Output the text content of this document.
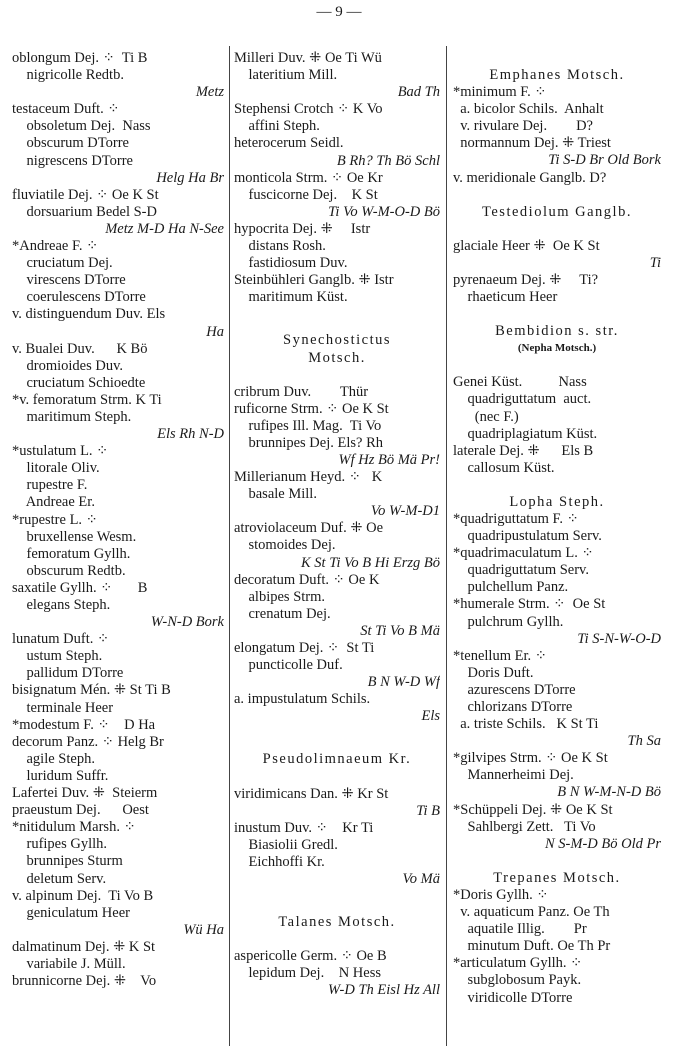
— 9 —
oblongum Dej. ⁘  Ti B
nigricolle Redtb.
Metz
testaceum Duft. ⁘
obsoletum Dej.  Nass
obscurum DTorre
nigrescens DTorre
Helg Ha Br
fluviatile Dej. ⁘ Oe K St
dorsuarium Bedel S-D
Metz M-D Ha N-See
*Andreae F. ⁘
cruciatum Dej.
virescens DTorre
coerulescens DTorre
v. distinguendum Duv. Els
Ha
v. Bualei Duv.      K Bö
dromioides Duv.
cruciatum Schioedte
*v. femoratum Strm. K Ti
maritimum Steph.
Els Rh N-D
*ustulatum L. ⁘
litorale Oliv.
rupestre F.
Andreae Er.
*rupestre L. ⁘
bruxellense Wesm.
femoratum Gyllh.
obscurum Redtb.
saxatile Gyllh. ⁘       B
elegans Steph.
W-N-D Bork
lunatum Duft. ⁘
ustum Steph.
pallidum DTorre
bisignatum Mén. ⁜ St Ti B
terminale Heer
*modestum F. ⁘    D Ha
decorum Panz. ⁘ Helg Br
agile Steph.
luridum Suffr.
Lafertei Duv. ⁜  Steierm
praeustum Dej.      Oest
*nitidulum Marsh. ⁘
rufipes Gyllh.
brunnipes Sturm
deletum Serv.
v. alpinum Dej.  Ti Vo B
geniculatum Heer
Wü Ha
dalmatinum Dej. ⁜ K St
variabile J. Müll.
brunnicorne Dej. ⁜    Vo
Milleri Duv. ⁜ Oe Ti Wü
lateritium Mill.
Bad Th
Stephensi Crotch ⁘ K Vo
affini Steph.
heterocerum Seidl.
B Rh? Th Bö Schl
monticola Strm. ⁘ Oe Kr
fuscicorne Dej.    K St
Ti Vo W-M-O-D Bö
hypocrita Dej. ⁜     Istr
distans Rosh.
fastidiosum Duv.
Steinbühleri Ganglb. ⁜ Istr
maritimum Küst.
Synechostictus
Motsch.
cribrum Duv.        Thür
ruficorne Strm. ⁘ Oe K St
rufipes Ill. Mag.  Ti Vo
brunnipes Dej. Els? Rh
Wf Hz Bö Mä Pr!
Millerianum Heyd. ⁘   K
basale Mill.
Vo W-M-D1
atroviolaceum Duf. ⁜ Oe
stomoides Dej.
K St Ti Vo B Hi Erzg Bö
decoratum Duft. ⁘ Oe K
albipes Strm.
crenatum Dej.
St Ti Vo B Mä
elongatum Dej. ⁘  St Ti
puncticolle Duf.
B N W-D Wf
a. impustulatum Schils.
Els
Pseudolimnaeum Kr.
viridimicans Dan. ⁜ Kr St
Ti B
inustum Duv. ⁘    Kr Ti
Biasiolii Gredl.
Eichhoffi Kr.
Vo Mä
Talanes Motsch.
aspericolle Germ. ⁘ Oe B
lepidum Dej.    N Hess
W-D Th Eisl Hz All
Emphanes Motsch.
*minimum F. ⁘
a. bicolor Schils.  Anhalt
v. rivulare Dej.        D?
normannum Dej. ⁜ Triest
Ti S-D Br Old Bork
v. meridionale Ganglb. D?
Testediolum Ganglb.
glaciale Heer ⁜  Oe K St
Ti
pyrenaeum Dej. ⁜     Ti?
rhaeticum Heer
Bembidion s. str.
(Nepha Motsch.)
Genei Küst.          Nass
quadriguttatum  auct.
(nec F.)
quadriplagiatum Küst.
laterale Dej. ⁜      Els B
callosum Küst.
Lopha Steph.
*quadriguttatum F. ⁘
quadripustulatum Serv.
*quadrimaculatum L. ⁘
quadriguttatum Serv.
pulchellum Panz.
*humerale Strm. ⁘  Oe St
pulchrum Gyllh.
Ti S-N-W-O-D
*tenellum Er. ⁘
Doris Duft.
azurescens DTorre
chlorizans DTorre
a. triste Schils.   K St Ti
Th Sa
*gilvipes Strm. ⁘ Oe K St
Mannerheimi Dej.
B N W-M-N-D Bö
*Schüppeli Dej. ⁜ Oe K St
Sahlbergi Zett.   Ti Vo
N S-M-D Bö Old Pr
Trepanes Motsch.
*Doris Gyllh. ⁘
v. aquaticum Panz. Oe Th
aquatile Illig.        Pr
minutum Duft. Oe Th Pr
*articulatum Gyllh. ⁘
subglobosum Payk.
viridicolle DTorre
